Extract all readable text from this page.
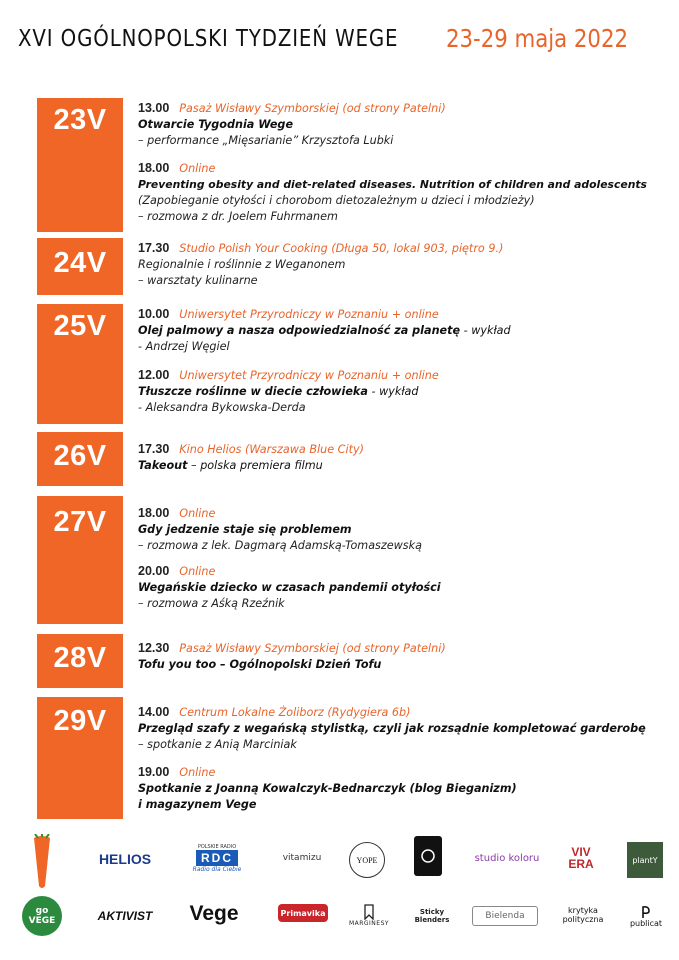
XVI OGÓLNOPOLSKI TYDZIEŃ WEGE 23-29 maja 2022
23V	13.00 Pasaż Wisławy Szymborskiej (od strony Patelni)
Otwarcie Tygodnia Wege
– performance „Mięsarianie” Krzysztofa Lubki
18.00 Online
Preventing obesity and diet-related diseases. Nutrition of children and adolescents
(Zapobieganie otyłości i chorobom dietozależnym u dzieci i młodzieży)
– rozmowa z dr. Joelem Fuhrmanem
24V	17.30 Studio Polish Your Cooking (Długa 50, lokal 903, piętro 9.)
Regionalnie i roślinnie z Weganonem
– warsztaty kulinarne
25V	10.00 Uniwersytet Przyrodniczy w Poznaniu + online
Olej palmowy a nasza odpowiedzialność za planetę - wykład
- Andrzej Węgiel
12.00 Uniwersytet Przyrodniczy w Poznaniu + online
Tłuszcze roślinne w diecie człowieka - wykład
- Aleksandra Bykowska-Derda
26V	17.30 Kino Helios (Warszawa Blue City)
Takeout – polska premiera filmu
27V	18.00 Online
Gdy jedzenie staje się problemem
– rozmowa z lek. Dagmarą Adamską-Tomaszewską
20.00 Online
Wegańskie dziecko w czasach pandemii otyłości
– rozmowa z Aśką Rzeźnik
28V	12.30 Pasaż Wisławy Szymborskiej (od strony Patelni)
Tofu you too – Ogólnopolski Dzień Tofu
29V	14.00 Centrum Lokalne Żoliborz (Rydygiera 6b)
Przegląd szafy z wegańską stylistką, czyli jak rozsądnie kompletować garderobę
– spotkanie z Anią Marciniak
19.00 Online
Spotkanie z Joanną Kowalczyk-Bednarczyk (blog Bieganizm)
i magazynem Vege
HELIOS
POLSKIE RADIO
RDC
Radio dla Ciebie
vitamizu	YOPE	studio koloru	VIV ERA	plantY
go VEGE	AKTIVIST Vege	Primavika
MARGINESY
Sticky Blenders	Bielenda
krytyka polityczna	publicat
